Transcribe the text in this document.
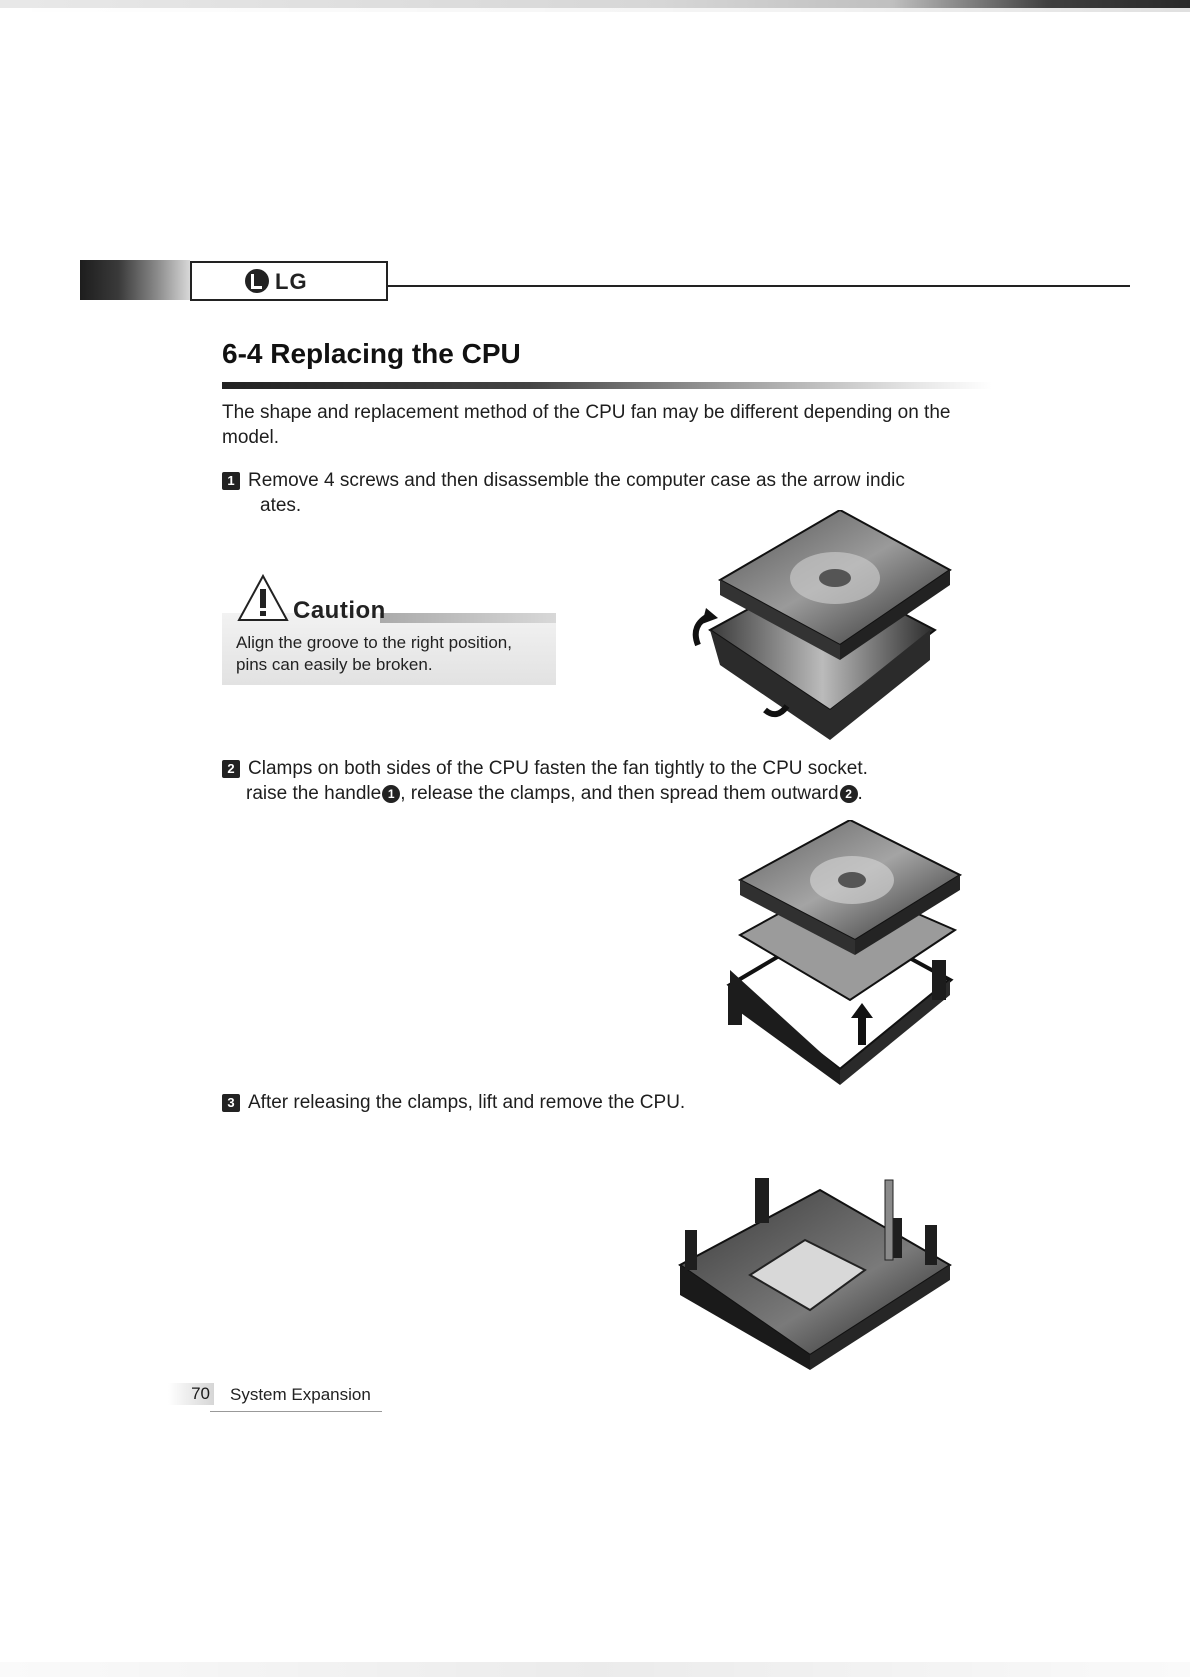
LG
6-4 Replacing the CPU
The shape and replacement method of the CPU fan may be different depending on the model.
1 Remove 4 screws and then disassemble the computer case as the arrow indic
ates.
Caution
Align the groove to the right position,
pins can easily be broken.
2 Clamps on both sides of the CPU fasten the fan tightly to the CPU socket.
raise the handle 1 , release the clamps, and then spread them outward 2 .
3 After releasing the clamps, lift and remove the CPU.
70 System Expansion
